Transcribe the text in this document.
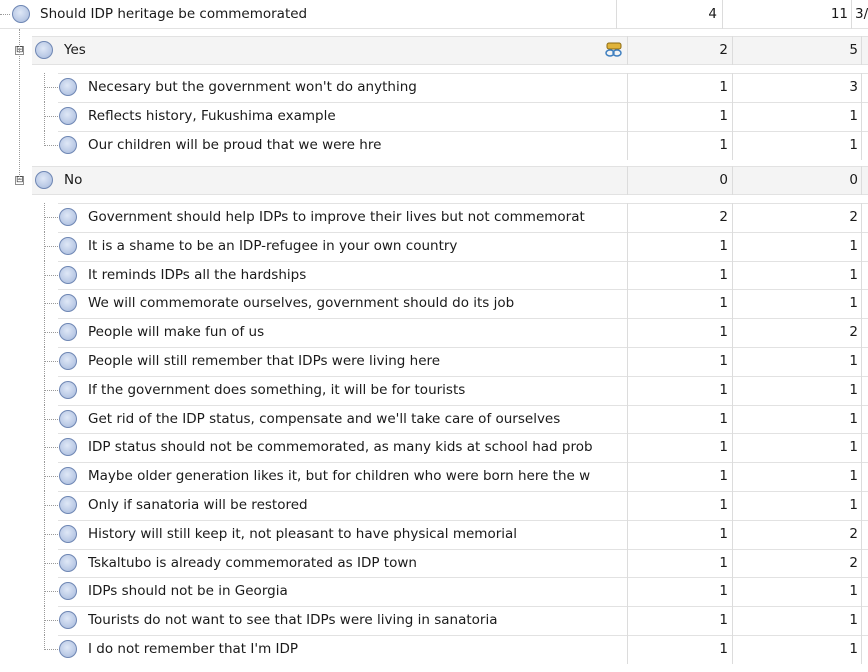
Should IDP heritage be commemorated	4	11 3/
⊟	Yes	2	5
Necesary but the government won't do anything	1	3
Reflects history, Fukushima example	1	1
Our children will be proud that we were hre	1	1
⊟	No	0	0
Government should help IDPs to improve their lives but not commemorat	2	2
It is a shame to be an IDP-refugee in your own country	1	1
It reminds IDPs all the hardships	1	1
We will commemorate ourselves, government should do its job	1	1
People will make fun of us	1	2
People will still remember that IDPs were living here	1	1
If the government does something, it will be for tourists	1	1
Get rid of the IDP status, compensate and we'll take care of ourselves	1	1
IDP status should not be commemorated, as many kids at school had prob	1	1
Maybe older generation likes it, but for children who were born here the w	1	1
Only if sanatoria will be restored	1	1
History will still keep it, not pleasant to have physical memorial	1	2
Tskaltubo is already commemorated as IDP town	1	2
IDPs should not be in Georgia	1	1
Tourists do not want to see that IDPs were living in sanatoria	1	1
I do not remember that I'm IDP	1	1
